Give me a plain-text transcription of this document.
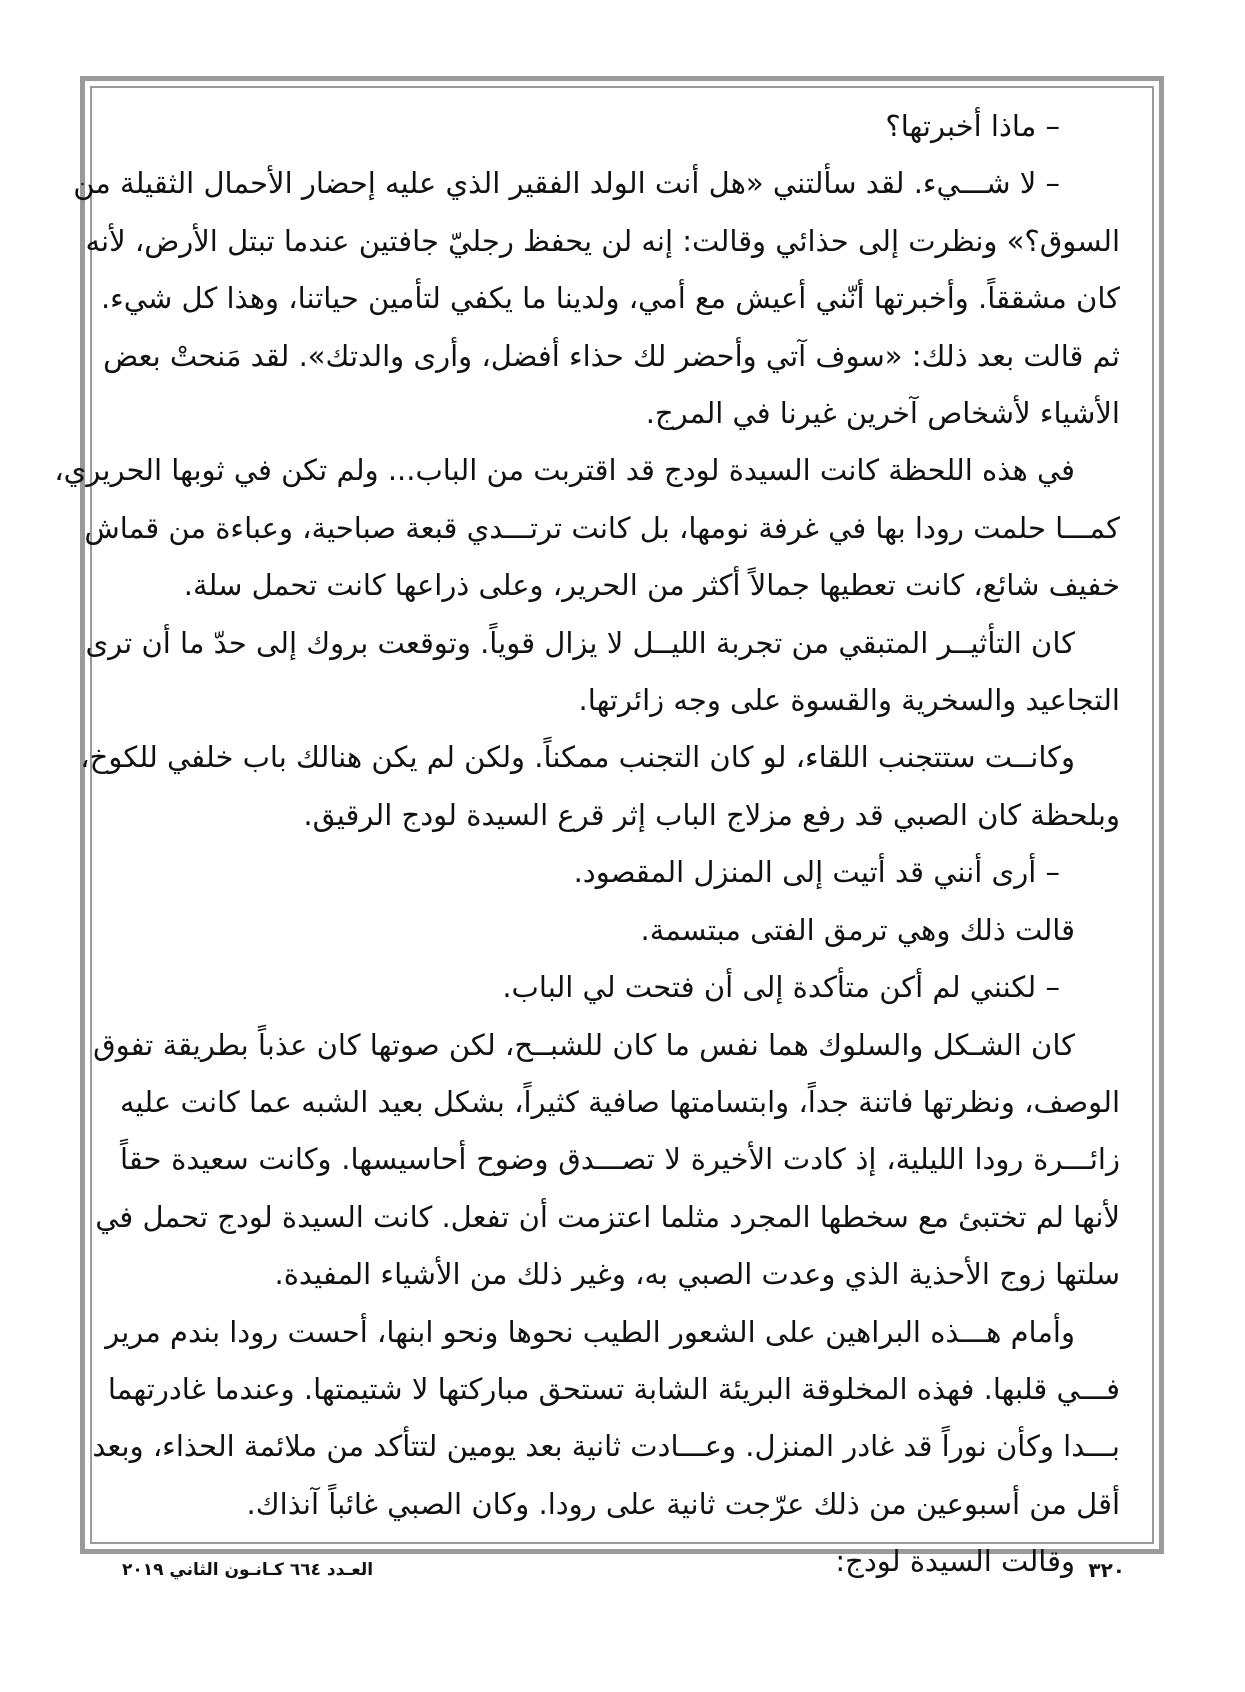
– ماذا أخبرتها؟
– لا شـــيء. لقد سألتني «هل أنت الولد الفقير الذي عليه إحضار الأحمال الثقيلة من
السوق؟» ونظرت إلى حذائي وقالت: إنه لن يحفظ رجليّ جافتين عندما تبتل الأرض، لأنه
كان مشققاً. وأخبرتها أنّني أعيش مع أمي، ولدينا ما يكفي لتأمين حياتنا، وهذا كل شيء.
ثم قالت بعد ذلك: «سوف آتي وأحضر لك حذاء أفضل، وأرى والدتك». لقد مَنحتْ بعض
الأشياء لأشخاص آخرين غيرنا في المرج.
في هذه اللحظة كانت السيدة لودج قد اقتربت من الباب... ولم تكن في ثوبها الحريري،
كمـــا حلمت رودا بها في غرفة نومها، بل كانت ترتـــدي قبعة صباحية، وعباءة من قماش
خفيف شائع، كانت تعطيها جمالاً أكثر من الحرير، وعلى ذراعها كانت تحمل سلة.
كان التأثيــر المتبقي من تجربة الليــل لا يزال قوياً. وتوقعت بروك إلى حدّ ما أن ترى
التجاعيد والسخرية والقسوة على وجه زائرتها.
وكانــت ستتجنب اللقاء، لو كان التجنب ممكناً. ولكن لم يكن هنالك باب خلفي للكوخ،
وبلحظة كان الصبي قد رفع مزلاج الباب إثر قرع السيدة لودج الرقيق.
– أرى أنني قد أتيت إلى المنزل المقصود.
قالت ذلك وهي ترمق الفتى مبتسمة.
– لكنني لم أكن متأكدة إلى أن فتحت لي الباب.
كان الشـكل والسلوك هما نفس ما كان للشبــح، لكن صوتها كان عذباً بطريقة تفوق
الوصف، ونظرتها فاتنة جداً، وابتسامتها صافية كثيراً، بشكل بعيد الشبه عما كانت عليه
زائـــرة رودا الليلية، إذ كادت الأخيرة لا تصـــدق وضوح أحاسيسها. وكانت سعيدة حقاً
لأنها لم تختبئ مع سخطها المجرد مثلما اعتزمت أن تفعل. كانت السيدة لودج تحمل في
سلتها زوج الأحذية الذي وعدت الصبي به، وغير ذلك من الأشياء المفيدة.
وأمام هـــذه البراهين على الشعور الطيب نحوها ونحو ابنها، أحست رودا بندم مرير
فـــي قلبها. فهذه المخلوقة البريئة الشابة تستحق مباركتها لا شتيمتها. وعندما غادرتهما
بـــدا وكأن نوراً قد غادر المنزل. وعـــادت ثانية بعد يومين لتتأكد من ملائمة الحذاء، وبعد
أقل من أسبوعين من ذلك عرّجت ثانية على رودا. وكان الصبي غائباً آنذاك.
وقالت السيدة لودج:
العـدد ٦٦٤ كـانـون الثاني ٢٠١٩	٣٢٠
